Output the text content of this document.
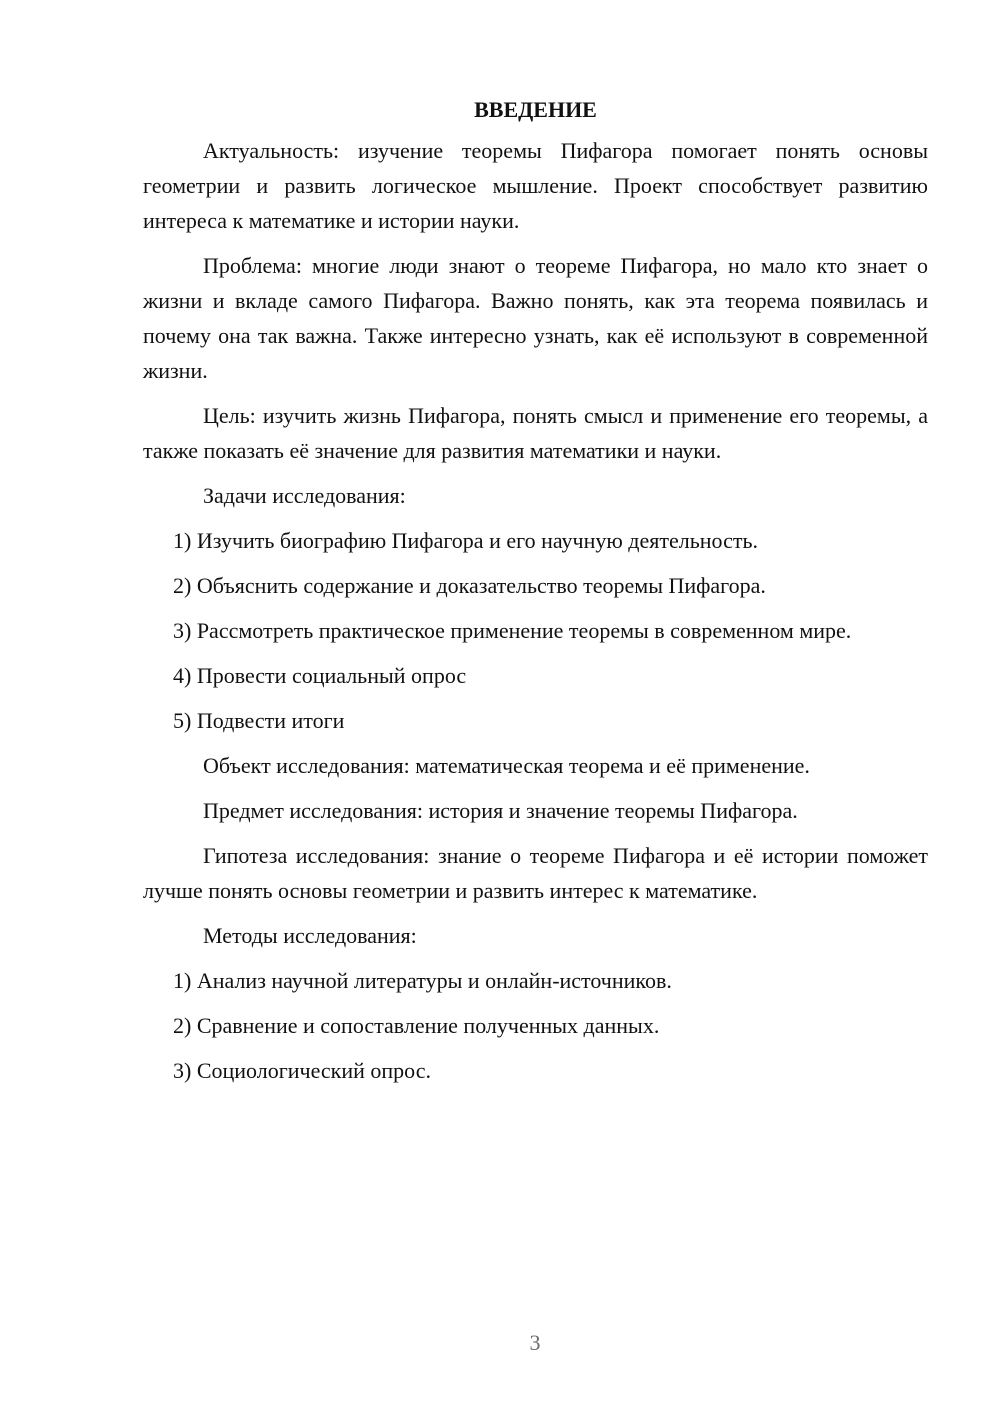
ВВЕДЕНИЕ

Актуальность: изучение теоремы Пифагора помогает понять основы геометрии и развить логическое мышление. Проект способствует развитию интереса к математике и истории науки.

Проблема: многие люди знают о теореме Пифагора, но мало кто знает о жизни и вкладе самого Пифагора. Важно понять, как эта теорема появилась и почему она так важна. Также интересно узнать, как её используют в современной жизни.

Цель: изучить жизнь Пифагора, понять смысл и применение его теоремы, а также показать её значение для развития математики и науки.

Задачи исследования:

1) Изучить биографию Пифагора и его научную деятельность.

2) Объяснить содержание и доказательство теоремы Пифагора.

3) Рассмотреть практическое применение теоремы в современном мире.

4) Провести социальный опрос

5) Подвести итоги

Объект исследования: математическая теорема и её применение.

Предмет исследования: история и значение теоремы Пифагора.

Гипотеза исследования: знание о теореме Пифагора и её истории поможет лучше понять основы геометрии и развить интерес к математике.

Методы исследования:

1) Анализ научной литературы и онлайн-источников.

2) Сравнение и сопоставление полученных данных.

3) Социологический опрос.

3
